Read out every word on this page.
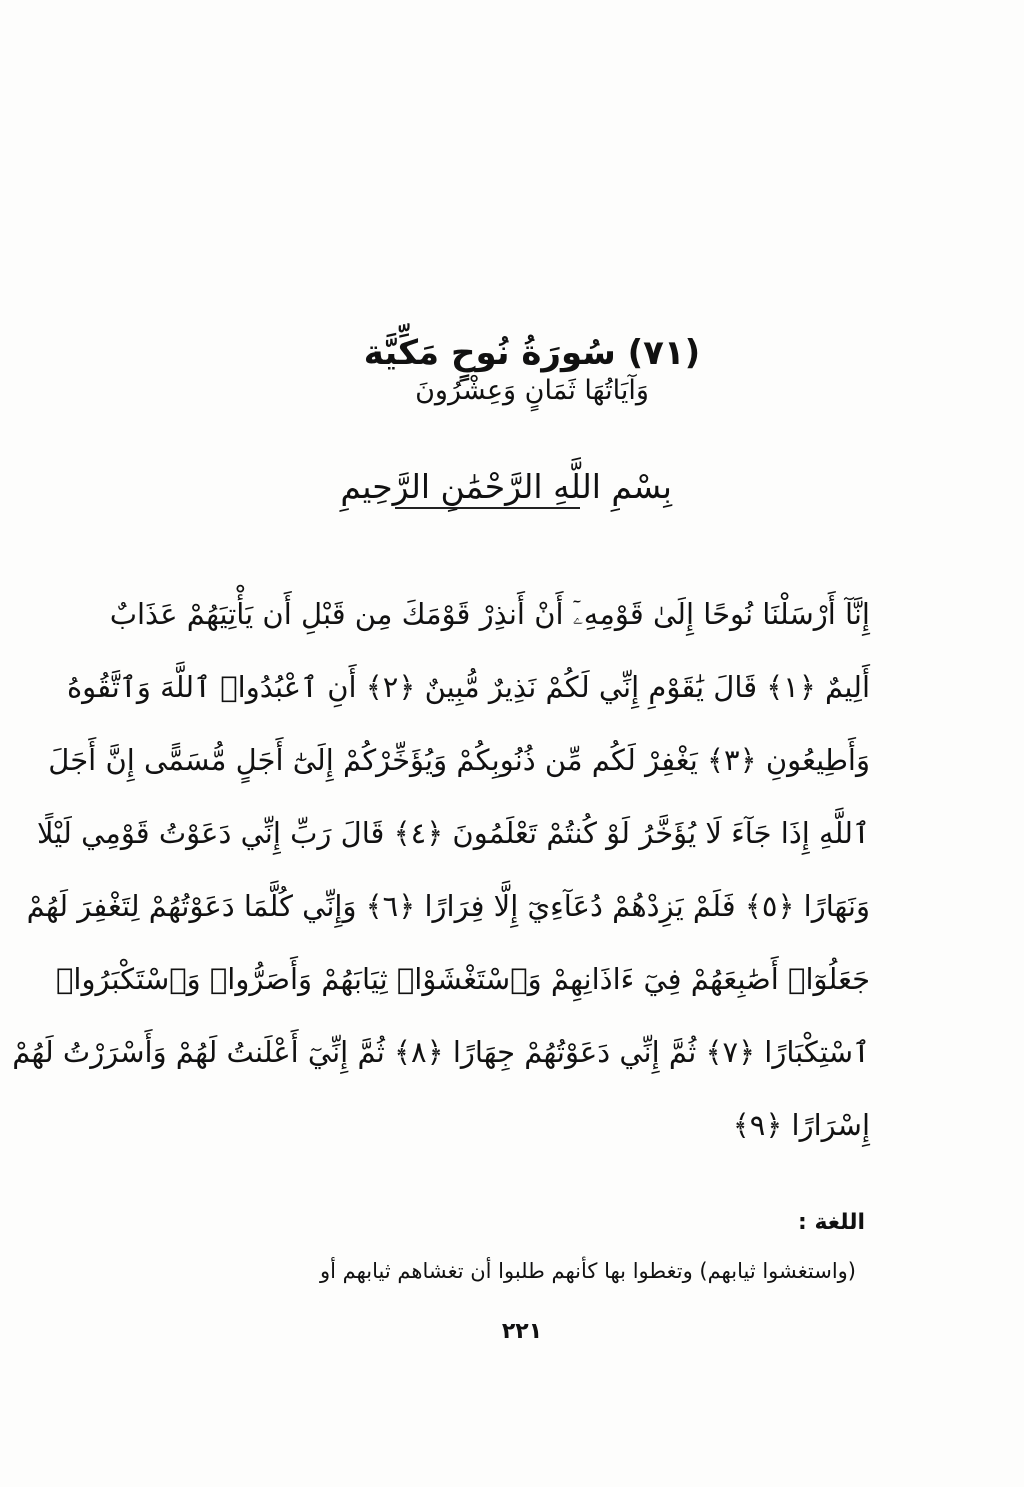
(٧١) سُورَةُ نُوحٍ مَكِّيَّة
وَآيَاتُهَا ثَمَانٍ وَعِشْرُونَ
بِسْمِ اللَّهِ الرَّحْمَٰنِ الرَّحِيمِ
إِنَّآ أَرْسَلْنَا نُوحًا إِلَىٰ قَوْمِهِۦٓ أَنْ أَنذِرْ قَوْمَكَ مِن قَبْلِ أَن يَأْتِيَهُمْ عَذَابٌ
أَلِيمٌ ﴿١﴾ قَالَ يَٰقَوْمِ إِنِّي لَكُمْ نَذِيرٌ مُّبِينٌ ﴿٢﴾ أَنِ ٱعْبُدُوا۟ ٱللَّهَ وَٱتَّقُوهُ
وَأَطِيعُونِ ﴿٣﴾ يَغْفِرْ لَكُم مِّن ذُنُوبِكُمْ وَيُؤَخِّرْكُمْ إِلَىٰٓ أَجَلٍ مُّسَمًّى إِنَّ أَجَلَ
ٱللَّهِ إِذَا جَآءَ لَا يُؤَخَّرُ لَوْ كُنتُمْ تَعْلَمُونَ ﴿٤﴾ قَالَ رَبِّ إِنِّي دَعَوْتُ قَوْمِي لَيْلًا
وَنَهَارًا ﴿٥﴾ فَلَمْ يَزِدْهُمْ دُعَآءِيٓ إِلَّا فِرَارًا ﴿٦﴾ وَإِنِّي كُلَّمَا دَعَوْتُهُمْ لِتَغْفِرَ لَهُمْ
جَعَلُوٓا۟ أَصَٰبِعَهُمْ فِيٓ ءَاذَانِهِمْ وَٱسْتَغْشَوْا۟ ثِيَابَهُمْ وَأَصَرُّوا۟ وَٱسْتَكْبَرُوا۟
ٱسْتِكْبَارًا ﴿٧﴾ ثُمَّ إِنِّي دَعَوْتُهُمْ جِهَارًا ﴿٨﴾ ثُمَّ إِنِّيٓ أَعْلَنتُ لَهُمْ وَأَسْرَرْتُ لَهُمْ
إِسْرَارًا ﴿٩﴾
اللغة :
(واستغشوا ثيابهم) وتغطوا بها كأنهم طلبوا أن تغشاهم ثيابهم أو
٢٢١
